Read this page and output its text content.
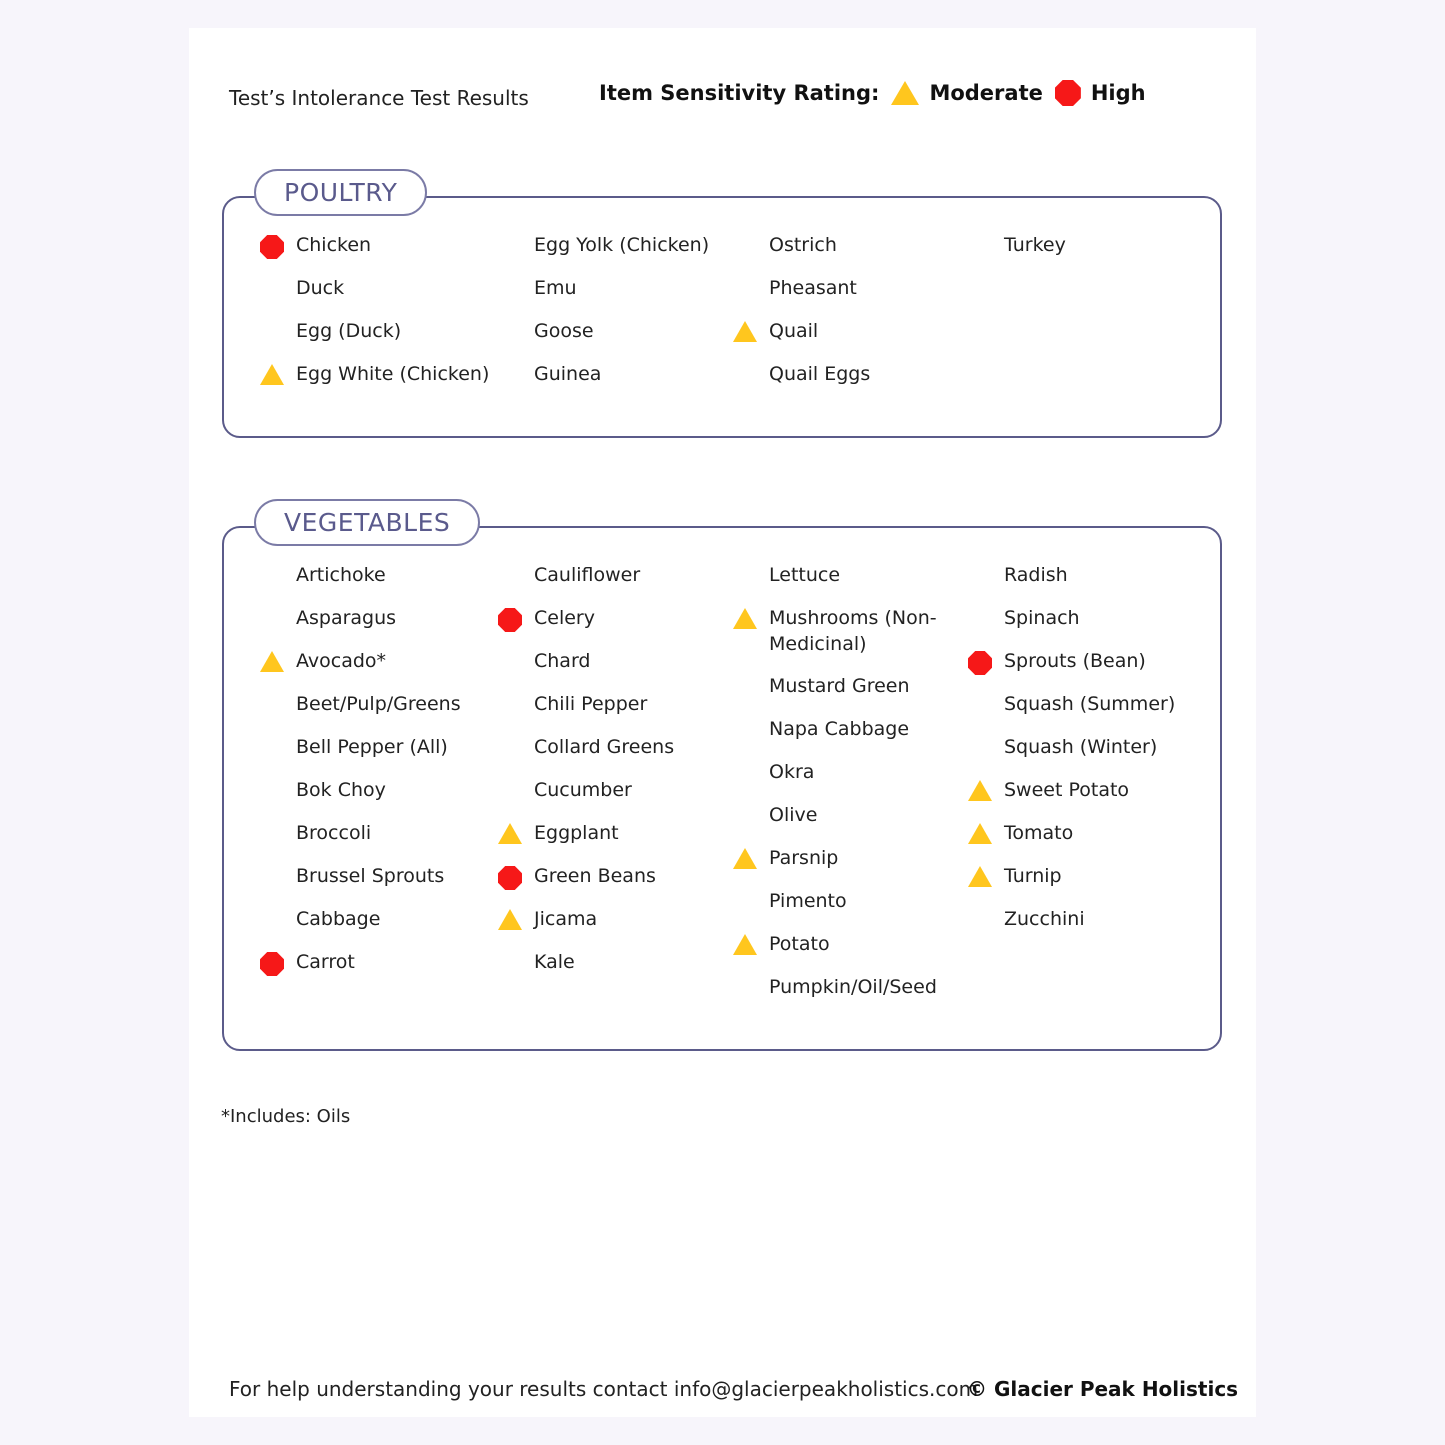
Test’s Intolerance Test Results	Item Sensitivity Rating: Moderate High
POULTRY
Chicken
Duck
Egg (Duck)
Egg White (Chicken)
Egg Yolk (Chicken)
Emu
Goose
Guinea
Ostrich
Pheasant
Quail
Quail Eggs
Turkey
VEGETABLES
Artichoke
Asparagus
Avocado*
Beet/Pulp/Greens
Bell Pepper (All)
Bok Choy
Broccoli
Brussel Sprouts
Cabbage
Carrot
Cauliflower
Celery
Chard
Chili Pepper
Collard Greens
Cucumber
Eggplant
Green Beans
Jicama
Kale
Lettuce
Mushrooms (Non-Medicinal)
Mustard Green
Napa Cabbage
Okra
Olive
Parsnip
Pimento
Potato
Pumpkin/Oil/Seed
Radish
Spinach
Sprouts (Bean)
Squash (Summer)
Squash (Winter)
Sweet Potato
Tomato
Turnip
Zucchini
*Includes: Oils
For help understanding your results contact info@glacierpeakholistics.com
© Glacier Peak Holistics
